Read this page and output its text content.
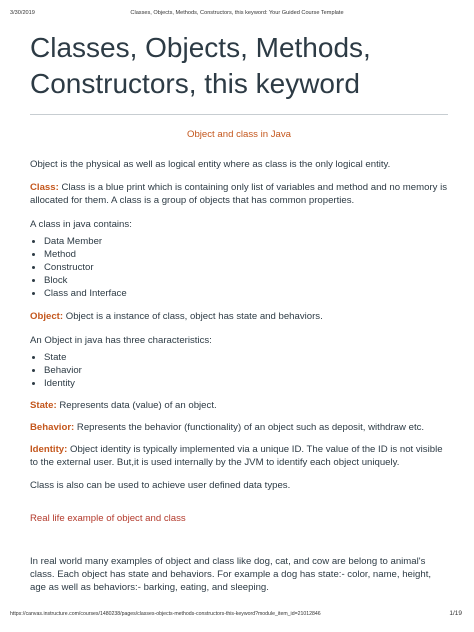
3/30/2019	Classes, Objects, Methods, Constructors, this keyword: Your Guided Course Template
Classes, Objects, Methods, Constructors, this keyword
Object and class in Java

Object is the physical as well as logical entity where as class is the only logical entity.

Class: Class is a blue print which is containing only list of variables and method and no memory is allocated for them. A class is a group of objects that has common properties.

A class in java contains:

• Data Member
• Method
• Constructor
• Block
• Class and Interface

Object: Object is a instance of class, object has state and behaviors.

An Object in java has three characteristics:

• State
• Behavior
• Identity

State: Represents data (value) of an object.

Behavior: Represents the behavior (functionality) of an object such as deposit, withdraw etc.

Identity: Object identity is typically implemented via a unique ID. The value of the ID is not visible to the external user. But,it is used internally by the JVM to identify each object uniquely.

Class is also can be used to achieve user defined data types.

Real life example of object and class

In real world many examples of object and class like dog, cat, and cow are belong to animal's class. Each object has state and behaviors. For example a dog has state:- color, name, height, age as well as behaviors:- barking, eating, and sleeping.

https://canvas.instructure.com/courses/1480238/pages/classes-objects-methods-constructors-this-keyword?module_item_id=21012846	1/19
